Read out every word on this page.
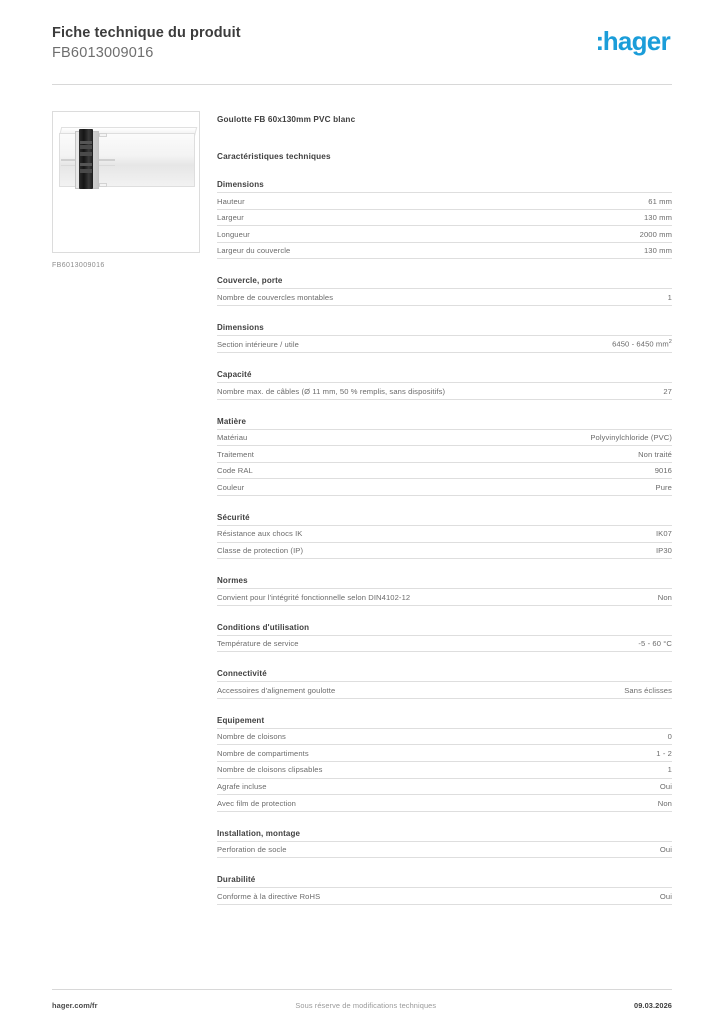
Fiche technique du produit
FB6013009016	:hager
FB6013009016
Goulotte FB 60x130mm PVC blanc
Caractéristiques techniques
Dimensions
Hauteur	61 mm
Largeur	130 mm
Longueur	2000 mm
Largeur du couvercle	130 mm
Couvercle, porte
Nombre de couvercles montables	1
Dimensions
Section intérieure / utile	6450 - 6450 $mm^2$
Capacité
Nombre max. de câbles (Ø 11 mm, 50 % remplis, sans dispositifs)	27
Matière
Matériau	Polyvinylchloride (PVC)
Traitement	Non traité
Code RAL	9016
Couleur	Pure
Sécurité
Résistance aux chocs IK	IK07
Classe de protection (IP)	IP30
Normes
Convient pour l'intégrité fonctionnelle selon DIN4102-12	Non
Conditions d'utilisation
Température de service	-5 - 60 °C
Connectivité
Accessoires d'alignement goulotte	Sans éclisses
Equipement
Nombre de cloisons	0
Nombre de compartiments	1 - 2
Nombre de cloisons clipsables	1
Agrafe incluse	Oui
Avec film de protection	Non
Installation, montage
Perforation de socle	Oui
Durabilité
Conforme à la directive RoHS	Oui
hager.com/fr	Sous réserve de modifications techniques	09.03.2026
